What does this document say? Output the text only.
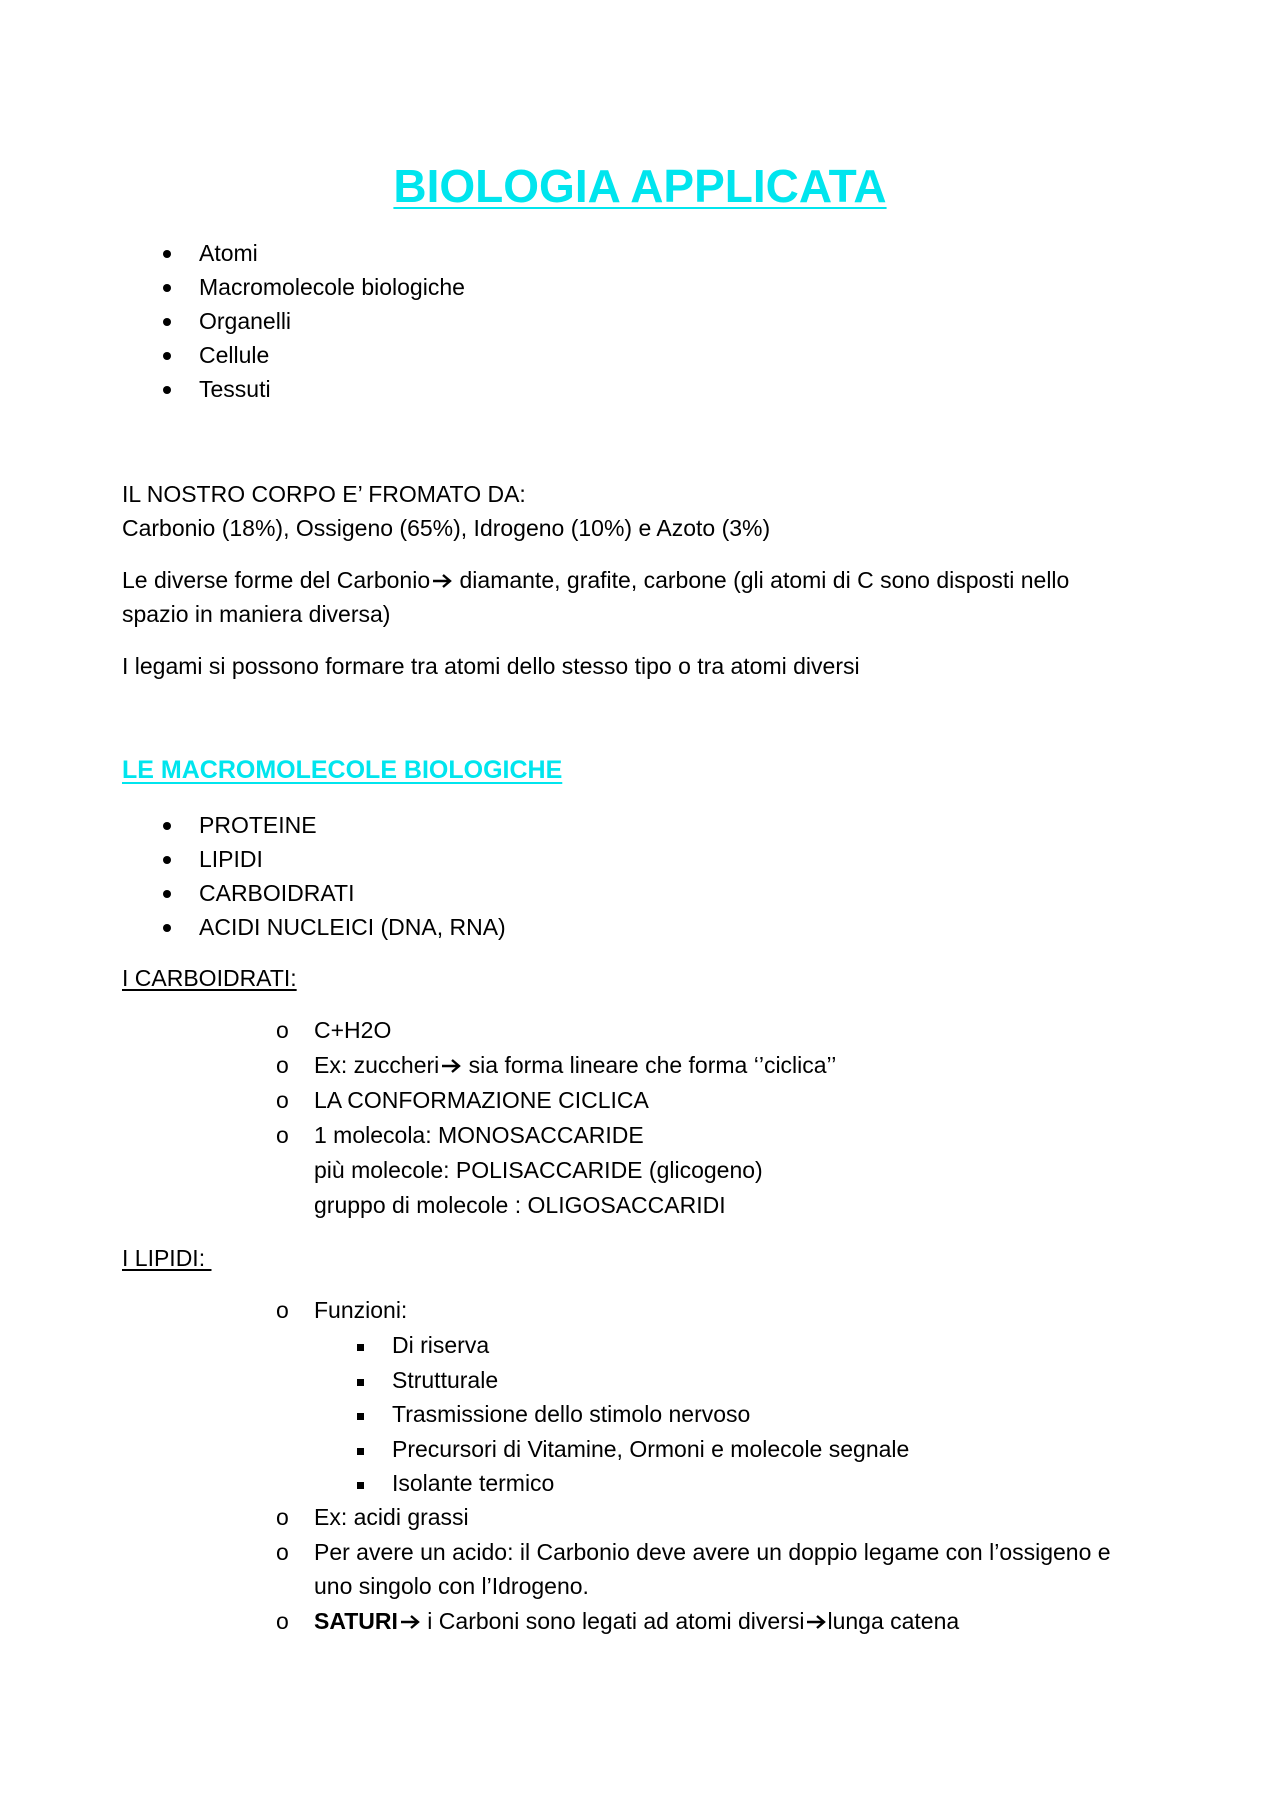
BIOLOGIA APPLICATA
Atomi
Macromolecole biologiche
Organelli
Cellule
Tessuti
IL NOSTRO CORPO E’ FROMATO DA:
Carbonio (18%), Ossigeno (65%), Idrogeno (10%) e Azoto (3%)
Le diverse forme del Carbonio diamante, grafite, carbone (gli atomi di C sono disposti nello
spazio in maniera diversa)
I legami si possono formare tra atomi dello stesso tipo o tra atomi diversi
LE MACROMOLECOLE BIOLOGICHE
PROTEINE
LIPIDI
CARBOIDRATI
ACIDI NUCLEICI (DNA, RNA)
I CARBOIDRATI:
o C+H2O
o Ex: zuccheri sia forma lineare che forma ‘’ciclica’’
o LA CONFORMAZIONE CICLICA
o 1 molecola: MONOSACCARIDE
più molecole: POLISACCARIDE (glicogeno)
gruppo di molecole : OLIGOSACCARIDI
I LIPIDI:
o Funzioni:
Di riserva
Strutturale
Trasmissione dello stimolo nervoso
Precursori di Vitamine, Ormoni e molecole segnale
Isolante termico
o Ex: acidi grassi
o Per avere un acido: il Carbonio deve avere un doppio legame con l’ossigeno e
uno singolo con l’Idrogeno.
o SATURI i Carboni sono legati ad atomi diversi lunga catena
